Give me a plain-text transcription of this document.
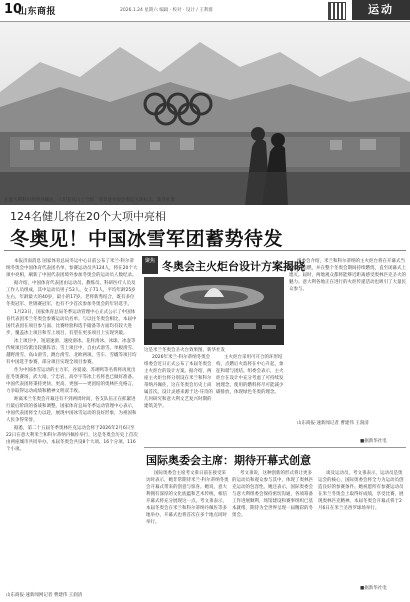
10
山东商报	2026.1.24 星期六 编辑 · 校对 · 设计 / 王利群	运动
在意大利科尔蒂纳丹佩佐，人们在高山上合影，背景是冬奥会奥运五环标志。新华社发
124名健儿将在20个大项中亮相
冬奥见！中国冰雪军团蓄势待发

本报济南消息 国家体育总局冬运中心日前公布了米兰-科尔蒂纳冬奥会中国体育代表团名单，参赛运动员共124人，将在20个大项中亮相，刷新了中国代表团境外参加冬奥会的运动员人数纪录。

据介绍，中国体育代表团由运动员、教练员、科研医疗人员及工作人员组成，其中运动员男子53人、女子71人，平均年龄25岁左右，年龄最大的40岁，最小的17岁。老将新秀结合，既有多位冬奥冠军、世锦赛冠军，也有不少首次参加冬奥会的年轻选手。

1月23日，国家体育总局冬季运动管理中心正式公示了中国体育代表团米兰冬奥会参赛运动员名单。与以往冬奥会相比，本届中国代表团在项目参与面、比赛经验和选手储备等方面均有较大进步，覆盖冰上项目和雪上项目，有望在更多项目上实现突破。

冰上项目中，短道速滑、速度滑冰、花样滑冰、冰球、冰壶等传统项目均派出较强阵容；雪上项目中，自由式滑雪、单板滑雪、越野滑雪、高山滑雪、跳台滑雪、北欧两项、雪车、雪橇等项目均有中国选手参赛，部分项目实现全项目参赛。

作为中国冰雪运动的主力军，谷爱凌、苏翊鸣等名将将再度出征冬奥赛场，武大靖、宁忠岩、高亭宇等冰上名将也已做好准备。中国代表团将秉持更快、更高、更强——更团结的奥林匹克格言，力争取得运动成绩和精神文明双丰收。

距离米兰冬奥会开幕还有不到两周时间，各支队伍正在抓紧进行最后阶段的备战和调整。国家体育总局冬季运动管理中心表示，中国代表团将全力以赴，展现中国冰雪运动的良好形象，为祖国和人民争得荣誉。

据悉，第二十五届冬季奥林匹克运动会将于2026年2月6日至22日在意大利米兰和科尔蒂纳丹佩佐举行，这是冬奥会历史上首次由两座城市共同举办。本届冬奥会共设8个大项、16个分项、116个小项。

聚焦 冬奥会主火炬台设计方案揭晓
这是米兰冬奥会圣火台效果图。新华社发

2026年米兰-科尔蒂纳冬奥会组委会近日正式公布了本届冬奥会主火炬台的设计方案。据介绍，两座主火炬台将分别设在米兰和科尔蒂纳丹佩佐，这在冬奥会历史上尚属首次。设计灵感来源于达·芬奇的几何研究和意大利文艺复兴时期的建筑美学。

主火炬台采用可开合的环形结构，点燃后火焰将在中心升起，象征和谐与团结。组委会表示，主火炬台在设计中充分考虑了可持续发展理念，使用的燃料将尽可能减少碳排放，体现绿色冬奥的理念。

组委会介绍，米兰和科尔蒂纳的主火炬台将在开幕式当晚同时点燃，并在整个冬奥会期间持续燃烧，直至闭幕式上熄灭。届时，两地观众都将能够近距离感受奥林匹克圣火的魅力。意大利各地正在进行的火炬传递活动也吸引了大量民众参与。

山东商报·速新闻记者 曹建伟 王润清

■据新华社电
国际奥委会主席：期待开幕式创意

国际奥委会主席考文垂日前在接受采访时表示，她非常期待米兰-科尔蒂纳冬奥会开幕式带来的创意与惊喜。她说，意大利拥有深厚的文化底蕴和艺术传统，相信开幕式将充分展现这一点。考文垂表示，本届冬奥会在米兰和科尔蒂纳丹佩佐等多地举办，开幕式也将首次在多个地点同时举行。

考文垂说，这种创新的形式将让更多的运动员和观众参与其中，体现了奥林匹克运动的包容性。她还表示，国际奥委会与意大利组委会保持密切沟通，各项筹备工作进展顺利，场馆建设和赛事组织已基本就绪，期待为全世界呈现一届精彩的冬奥会。

谈及运动员，考文垂表示，运动员是奥运会的核心，国际奥委会将全力为运动员创造良好的参赛条件。她祝愿所有参赛运动员在米兰冬奥会上取得好成绩，享受比赛，展现奥林匹克精神。本届冬奥会开幕式将于2月6日在米兰圣西罗球场举行。

■据新华社电
山东商报·速新闻网记者 曹建伟 王润清
